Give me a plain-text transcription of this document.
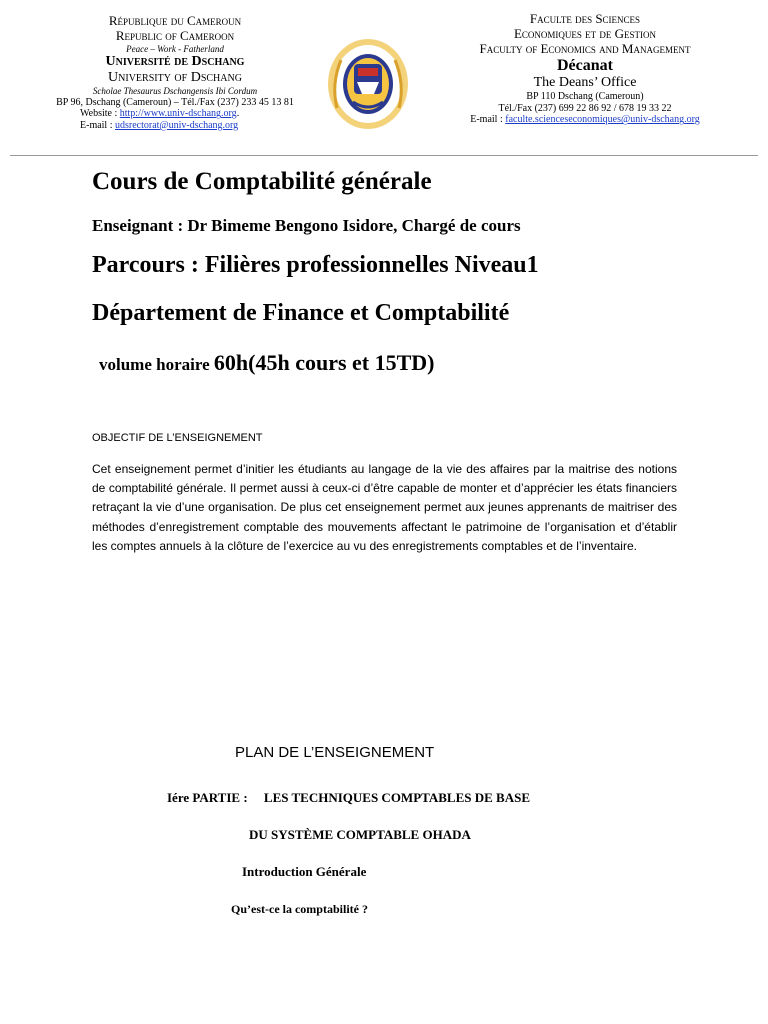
République du Cameroun
Republic of Cameroon
Peace – Work - Fatherland
Université de Dschang
University of Dschang
Scholae Thesaurus Dschangensis Ibi Cordum
BP 96, Dschang (Cameroun) – Tél./Fax (237) 233 45 13 81
Website : http://www.univ-dschang.org.
E-mail : udsrectorat@univ-dschang.org
Faculte des Sciences
Economiques et de Gestion
Faculty of Economics and Management
Décanat
The Deans’ Office
BP 110 Dschang (Cameroun)
Tél./Fax (237) 699 22 86 92 / 678 19 33 22
E-mail : faculte.scienceseconomiques@univ-dschang.org
Cours de Comptabilité générale
Enseignant : Dr Bimeme Bengono Isidore, Chargé de cours
Parcours : Filières professionnelles Niveau1
Département de Finance et Comptabilité
volume horaire 60h(45h cours et 15TD)
OBJECTIF DE L’ENSEIGNEMENT
Cet enseignement permet d’initier les étudiants au langage de la vie des affaires par la maitrise des notions de comptabilité générale. Il permet aussi à ceux-ci d’être capable de monter et d’apprécier les états financiers retraçant la vie d’une organisation. De plus cet enseignement permet aux jeunes apprenants de maitriser des méthodes d’enregistrement comptable des mouvements affectant le patrimoine de l’organisation et d’établir les comptes annuels à la clôture de l’exercice au vu des enregistrements comptables et de l’inventaire.
PLAN DE L’ENSEIGNEMENT
Iére PARTIE :     LES TECHNIQUES COMPTABLES DE BASE
DU SYSTÈME COMPTABLE OHADA
Introduction Générale
Qu’est-ce la comptabilité ?
